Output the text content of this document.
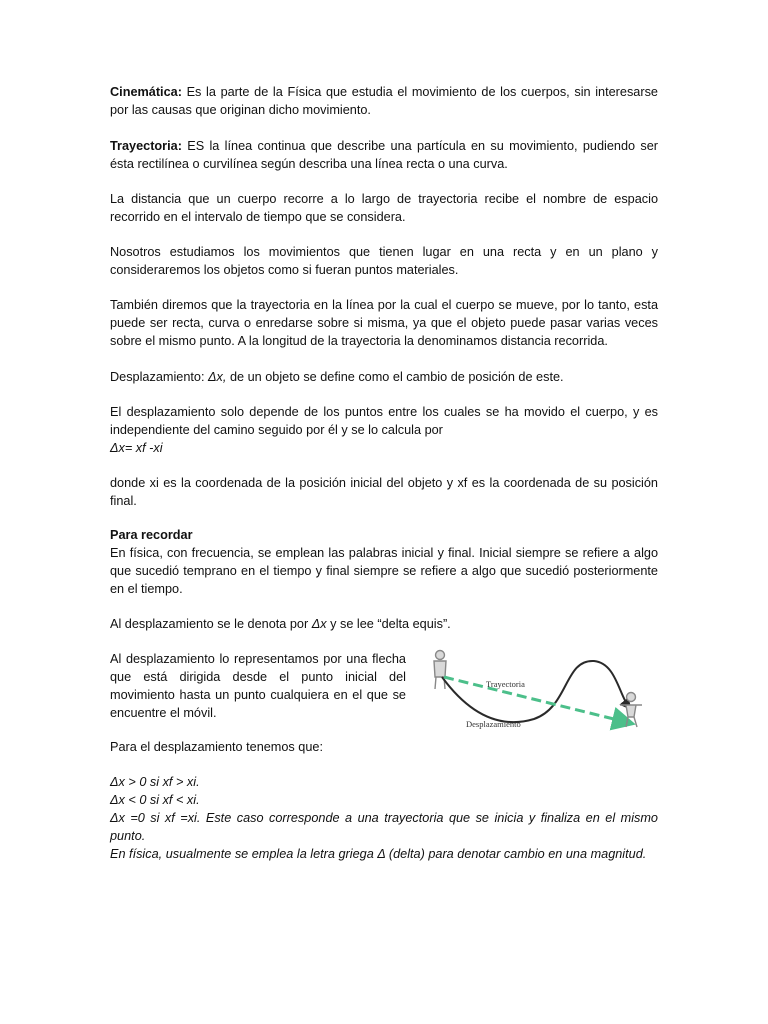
Cinemática: Es la parte de la Física que estudia el movimiento de los cuerpos, sin interesarse por las causas que originan dicho movimiento.

Trayectoria: ES la línea continua que describe una partícula en su movimiento, pudiendo ser ésta rectilínea o curvilínea según describa una línea recta o una curva.

La distancia que un cuerpo recorre a lo largo de trayectoria recibe el nombre de espacio recorrido en el intervalo de tiempo que se considera.

Nosotros estudiamos los movimientos que tienen lugar en una recta y en un plano y consideraremos los objetos como si fueran puntos materiales.

También diremos que la trayectoria en la línea por la cual el cuerpo se mueve, por lo tanto, esta puede ser recta, curva o enredarse sobre si misma, ya que el objeto puede pasar varias veces sobre el mismo punto. A la longitud de la trayectoria la denominamos distancia recorrida.

Desplazamiento: Δx, de un objeto se define como el cambio de posición de este.

El desplazamiento solo depende de los puntos entre los cuales se ha movido el cuerpo, y es independiente del camino seguido por él y se lo calcula por
Δx= xf -xi

donde xi es la coordenada de la posición inicial del objeto y xf es la coordenada de su posición final.

Para recordar
En física, con frecuencia, se emplean las palabras inicial y final. Inicial siempre se refiere a algo que sucedió temprano en el tiempo y final siempre se refiere a algo que sucedió posteriormente en el tiempo.

Al desplazamiento se le denota por Δx y se lee “delta equis”.

Al desplazamiento lo representamos por una flecha que está dirigida desde el punto inicial del movimiento hasta un punto cualquiera en el que se encuentre el móvil.

Trayectoria
Desplazamiento

Para el desplazamiento tenemos que:

Δx > 0 si xf > xi.
Δx < 0 si xf < xi.
Δx =0 si xf =xi. Este caso corresponde a una trayectoria que se inicia y finaliza en el mismo punto.
En física, usualmente se emplea la letra griega Δ (delta) para denotar cambio en una magnitud.
